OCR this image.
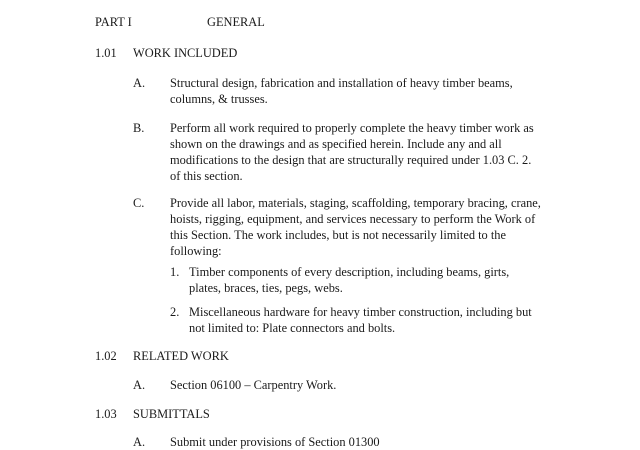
PART I	GENERAL
1.01 WORK INCLUDED
A. Structural design, fabrication and installation of heavy timber beams,
columns, & trusses.
B. Perform all work required to properly complete the heavy timber work as
shown on the drawings and as specified herein. Include any and all
modifications to the design that are structurally required under 1.03 C. 2.
of this section.
C. Provide all labor, materials, staging, scaffolding, temporary bracing, crane,
hoists, rigging, equipment, and services necessary to perform the Work of
this Section. The work includes, but is not necessarily limited to the
following:
1. Timber components of every description, including beams, girts,
plates, braces, ties, pegs, webs.
2. Miscellaneous hardware for heavy timber construction, including but
not limited to: Plate connectors and bolts.
1.02 RELATED WORK
A. Section 06100 – Carpentry Work.
1.03 SUBMITTALS
A. Submit under provisions of Section 01300
